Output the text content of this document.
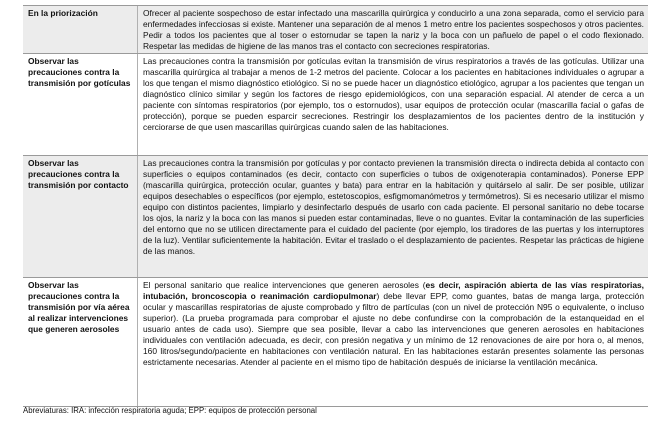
En la priorización	Ofrecer al paciente sospechoso de estar infectado una mascarilla quirúrgica y conducirlo a una zona separada, como el servicio para enfermedades infecciosas si existe. Mantener una separación de al menos 1 metro entre los pacientes sospechosos y otros pacientes. Pedir a todos los pacientes que al toser o estornudar se tapen la nariz y la boca con un pañuelo de papel o el codo flexionado. Respetar las medidas de higiene de las manos tras el contacto con secreciones respiratorias.
Observar las precauciones contra la transmisión por gotículas
Las precauciones contra la transmisión por gotículas evitan la transmisión de virus respiratorios a través de las gotículas. Utilizar una mascarilla quirúrgica al trabajar a menos de 1-2 metros del paciente. Colocar a los pacientes en habitaciones individuales o agrupar a los que tengan el mismo diagnóstico etiológico. Si no se puede hacer un diagnóstico etiológico, agrupar a los pacientes que tengan un diagnóstico clínico similar y según los factores de riesgo epidemiológicos, con una separación espacial. Al atender de cerca a un paciente con síntomas respiratorios (por ejemplo, tos o estornudos), usar equipos de protección ocular (mascarilla facial o gafas de protección), porque se pueden esparcir secreciones. Restringir los desplazamientos de los pacientes dentro de la institución y cerciorarse de que usen mascarillas quirúrgicas cuando salen de las habitaciones.
Observar las precauciones contra la transmisión por contacto
Las precauciones contra la transmisión por gotículas y por contacto previenen la transmisión directa o indirecta debida al contacto con superficies o equipos contaminados (es decir, contacto con superficies o tubos de oxigenoterapia contaminados). Ponerse EPP (mascarilla quirúrgica, protección ocular, guantes y bata) para entrar en la habitación y quitárselo al salir. De ser posible, utilizar equipos desechables o específicos (por ejemplo, estetoscopios, esfigmomanómetros y termómetros). Si es necesario utilizar el mismo equipo con distintos pacientes, limpiarlo y desinfectarlo después de usarlo con cada paciente. El personal sanitario no debe tocarse los ojos, la nariz y la boca con las manos si pueden estar contaminadas, lleve o no guantes. Evitar la contaminación de las superficies del entorno que no se utilicen directamente para el cuidado del paciente (por ejemplo, los tiradores de las puertas y los interruptores de la luz). Ventilar suficientemente la habitación. Evitar el traslado o el desplazamiento de pacientes. Respetar las prácticas de higiene de las manos.
Observar las precauciones contra la transmisión por vía aérea al realizar intervenciones que generen aerosoles
El personal sanitario que realice intervenciones que generen aerosoles (es decir, aspiración abierta de las vías respiratorias, intubación, broncoscopia o reanimación cardiopulmonar) debe llevar EPP, como guantes, batas de manga larga, protección ocular y mascarillas respiratorias de ajuste comprobado y filtro de partículas (con un nivel de protección N95 o equivalente, o incluso superior). (La prueba programada para comprobar el ajuste no debe confundirse con la comprobación de la estanqueidad en el usuario antes de cada uso). Siempre que sea posible, llevar a cabo las intervenciones que generen aerosoles en habitaciones individuales con ventilación adecuada, es decir, con presión negativa y un mínimo de 12 renovaciones de aire por hora o, al menos, 160 litros/segundo/paciente en habitaciones con ventilación natural. En las habitaciones estarán presentes solamente las personas estrictamente necesarias. Atender al paciente en el mismo tipo de habitación después de iniciarse la ventilación mecánica.
Abreviaturas: IRA: infección respiratoria aguda; EPP: equipos de protección personal
